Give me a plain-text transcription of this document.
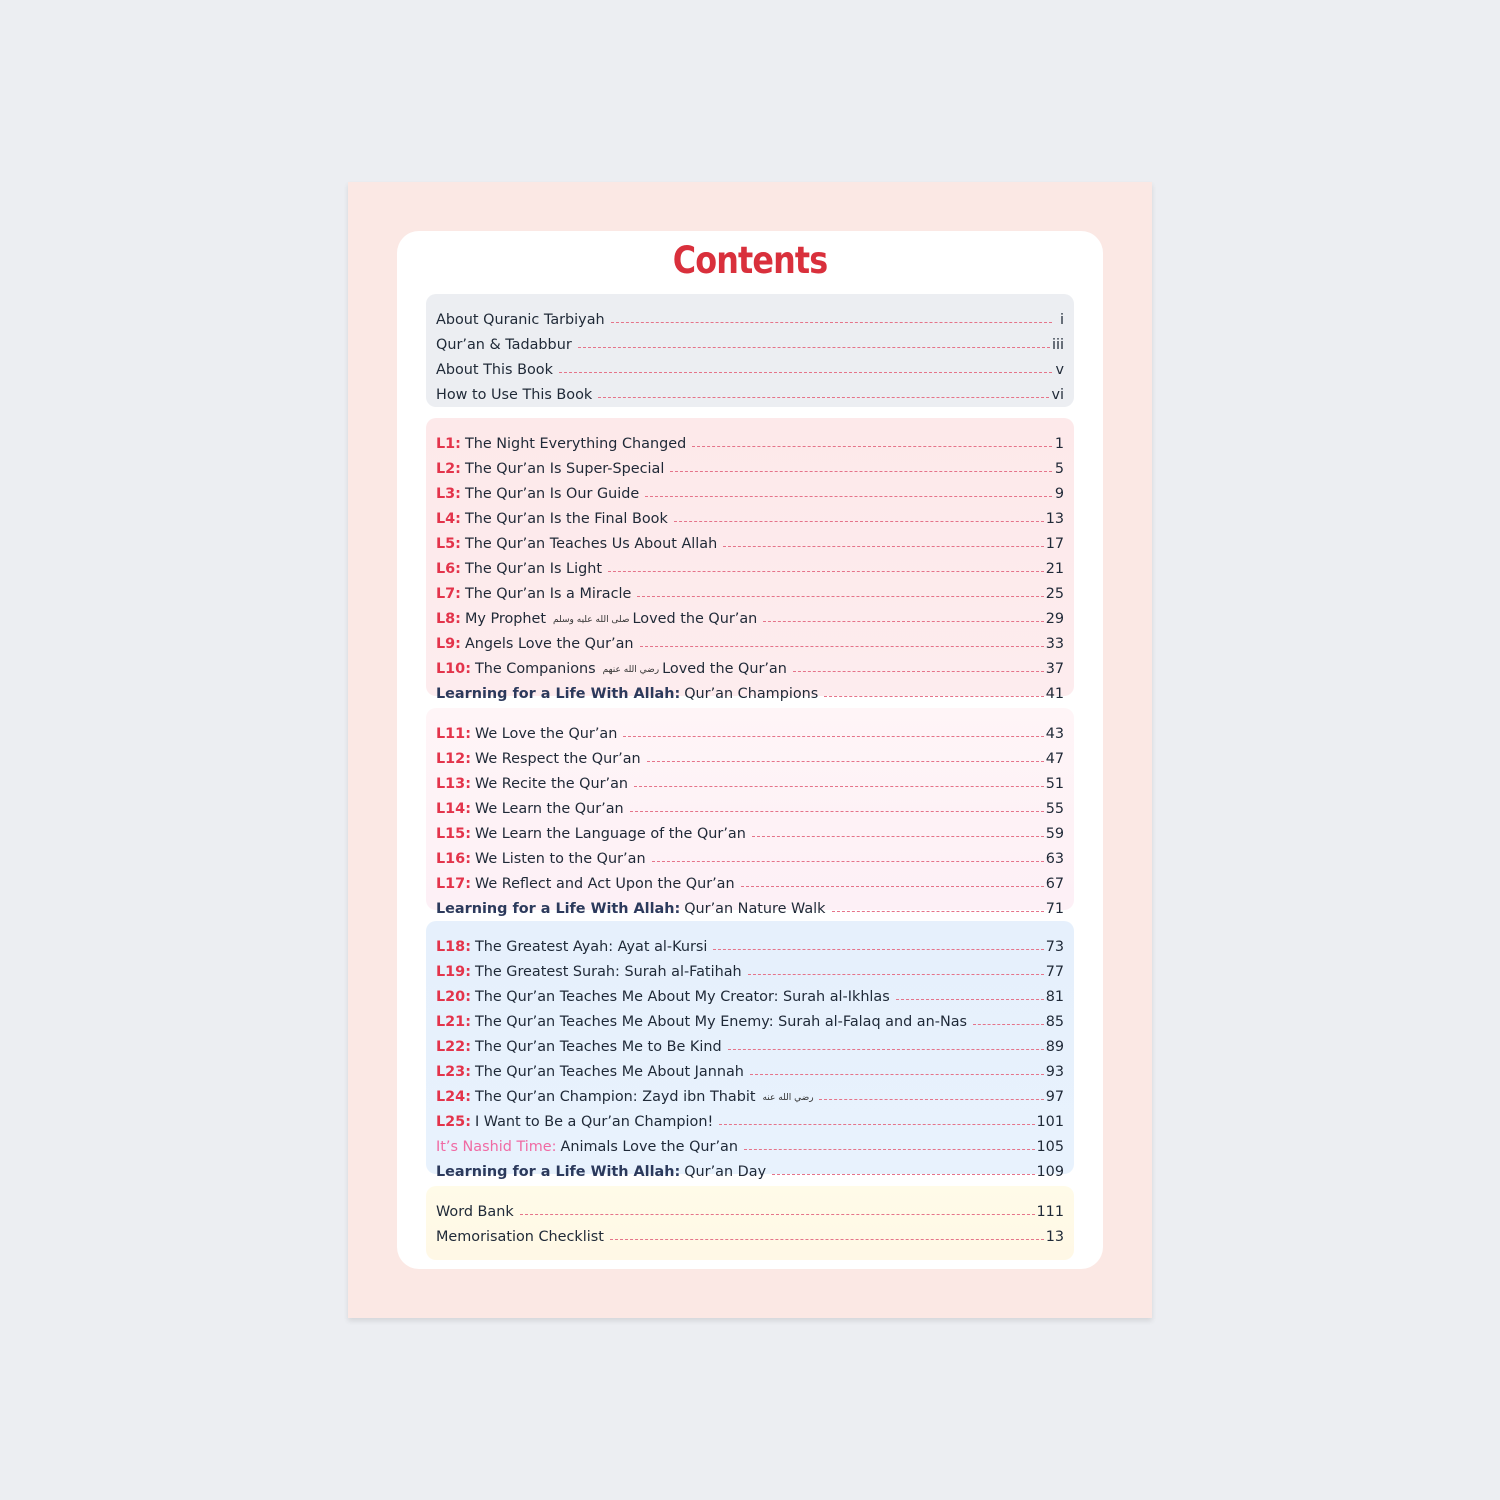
Contents
About Quranic Tarbiyah	i
Qur’an & Tadabbur	iii
About This Book	v
How to Use This Book	vi
L1: The Night Everything Changed	1
L2: The Qur’an Is Super-Special	5
L3: The Qur’an Is Our Guide	9
L4: The Qur’an Is the Final Book	13
L5: The Qur’an Teaches Us About Allah	17
L6: The Qur’an Is Light	21
L7: The Qur’an Is a Miracle	25
L8: My Prophet صلى الله عليه وسلم Loved the Qur’an	29
L9: Angels Love the Qur’an	33
L10: The Companions رضي الله عنهم Loved the Qur’an	37
Learning for a Life With Allah: Qur’an Champions	41
L11: We Love the Qur’an	43
L12: We Respect the Qur’an	47
L13: We Recite the Qur’an	51
L14: We Learn the Qur’an	55
L15: We Learn the Language of the Qur’an	59
L16: We Listen to the Qur’an	63
L17: We Reflect and Act Upon the Qur’an	67
Learning for a Life With Allah: Qur’an Nature Walk	71
L18: The Greatest Ayah: Ayat al-Kursi	73
L19: The Greatest Surah: Surah al-Fatihah	77
L20: The Qur’an Teaches Me About My Creator: Surah al-Ikhlas	81
L21: The Qur’an Teaches Me About My Enemy: Surah al-Falaq and an-Nas	85
L22: The Qur’an Teaches Me to Be Kind	89
L23: The Qur’an Teaches Me About Jannah	93
L24: The Qur’an Champion: Zayd ibn Thabit رضي الله عنه	97
L25: I Want to Be a Qur’an Champion!	101
It’s Nashid Time: Animals Love the Qur’an	105
Learning for a Life With Allah: Qur’an Day	109
Word Bank	111
Memorisation Checklist	13
